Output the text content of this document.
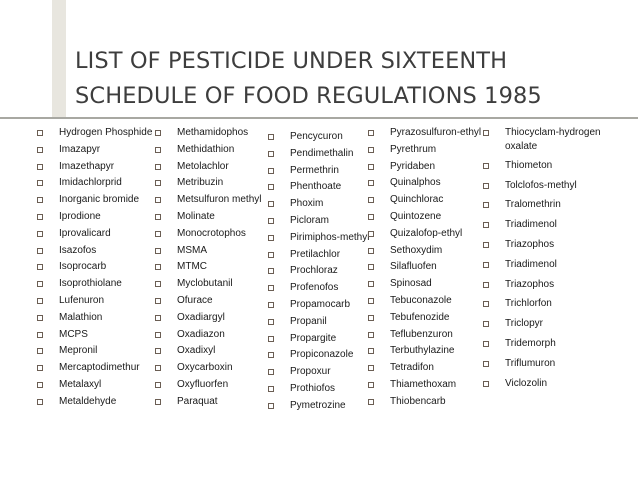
LIST OF PESTICIDE UNDER SIXTEENTH
SCHEDULE OF FOOD REGULATIONS 1985
Hydrogen Phosphide
Imazapyr
Imazethapyr
Imidachlorprid
Inorganic bromide
Iprodione
Iprovalicard
Isazofos
Isoprocarb
Isoprothiolane
Lufenuron
Malathion
MCPS
Mepronil
Mercaptodimethur
Metalaxyl
Metaldehyde
Methamidophos
Methidathion
Metolachlor
Metribuzin
Metsulfuron methyl
Molinate
Monocrotophos
MSMA
MTMC
Myclobutanil
Ofurace
Oxadiargyl
Oxadiazon
Oxadixyl
Oxycarboxin
Oxyfluorfen
Paraquat
Pencycuron
Pendimethalin
Permethrin
Phenthoate
Phoxim
Picloram
Pirimiphos-methyl
Pretilachlor
Prochloraz
Profenofos
Propamocarb
Propanil
Propargite
Propiconazole
Propoxur
Prothiofos
Pymetrozine
Pyrazosulfuron-ethyl
Pyrethrum
Pyridaben
Quinalphos
Quinchlorac
Quintozene
Quizalofop-ethyl
Sethoxydim
Silafluofen
Spinosad
Tebuconazole
Tebufenozide
Teflubenzuron
Terbuthylazine
Tetradifon
Thiamethoxam
Thiobencarb
Thiocyclam-hydrogen oxalate
Thiometon
Tolclofos-methyl
Tralomethrin
Triadimenol
Triazophos
Triadimenol
Triazophos
Trichlorfon
Triclopyr
Tridemorph
Triflumuron
Viclozolin
